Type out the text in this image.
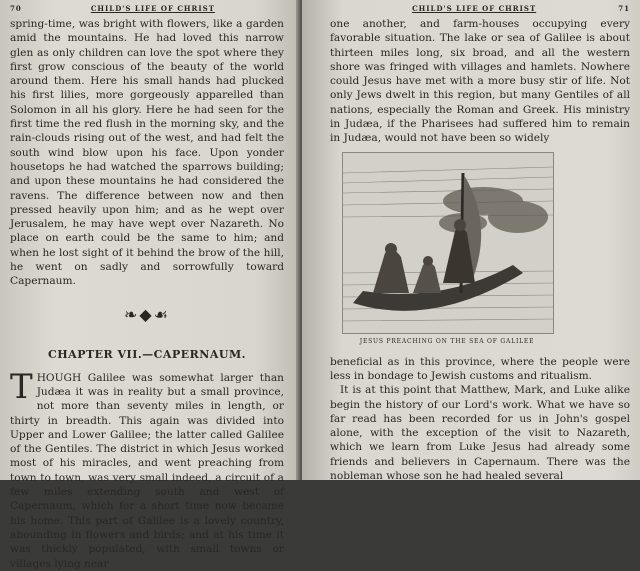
70	CHILD'S LIFE OF CHRIST

spring-time, was bright with flowers, like a garden amid the mountains. He had loved this narrow glen as only children can love the spot where they first grow conscious of the beauty of the world around them. Here his small hands had plucked his first lilies, more gorgeously apparelled than Solomon in all his glory. Here he had seen for the first time the red flush in the morning sky, and the rain-clouds rising out of the west, and had felt the south wind blow upon his face. Upon yonder housetops he had watched the sparrows building; and upon these mountains he had considered the ravens. The difference between now and then pressed heavily upon him; and as he wept over Jerusalem, he may have wept over Nazareth. No place on earth could be the same to him; and when he lost sight of it behind the brow of the hill, he went on sadly and sorrowfully toward Capernaum.

❧◆☙
CHAPTER VII.—CAPERNAUM.
T HOUGH Galilee was somewhat larger than Judæa it was in reality but a small province, not more than seventy miles in length, or thirty in breadth. This again was divided into Upper and Lower Galilee; the latter called Galilee of the Gentiles. The district in which Jesus worked most of his miracles, and went preaching from town to town, was very small indeed, a circuit of a few miles extending south and west of Capernaum, which for a short time now became his home. This part of Galilee is a lovely country, abounding in flowers and birds; and at his time it was thickly populated, with small towns or villages lying near

CHILD'S LIFE OF CHRIST	71

one another, and farm-houses occupying every favorable situation. The lake or sea of Galilee is about thirteen miles long, six broad, and all the western shore was fringed with villages and hamlets. Nowhere could Jesus have met with a more busy stir of life. Not only Jews dwelt in this region, but many Gentiles of all nations, especially the Roman and Greek. His ministry in Judæa, if the Pharisees had suffered him to remain in Judæa, would not have been so widely

JESUS PREACHING ON THE SEA OF GALILEE

beneficial as in this province, where the people were less in bondage to Jewish customs and ritualism.

It is at this point that Matthew, Mark, and Luke alike begin the history of our Lord's work. What we have so far read has been recorded for us in John's gospel alone, with the exception of the visit to Nazareth, which we learn from Luke Jesus had already some friends and believers in Capernaum. There was the nobleman whose son he had healed several
